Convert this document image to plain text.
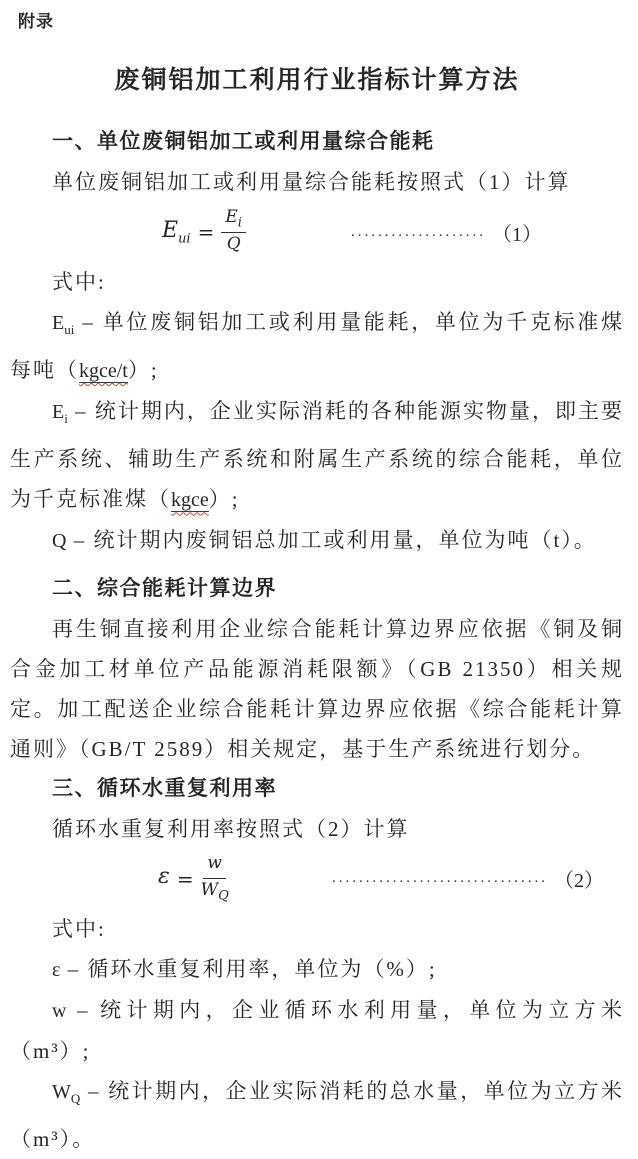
附录
废铜铝加工利用行业指标计算方法

一、单位废铜铝加工或利用量综合能耗

单位废铜铝加工或利用量综合能耗按照式（1）计算

$E_{ui} = \frac{E_i}{Q}$	.................... （1）

式中:

$E_{ui}$ – 单位废铜铝加工或利用量能耗，单位为千克标准煤每吨（kgce/t）;

$E_i$ – 统计期内，企业实际消耗的各种能源实物量，即主要生产系统、辅助生产系统和附属生产系统的综合能耗，单位为千克标准煤（kgce）;

Q – 统计期内废铜铝总加工或利用量，单位为吨（t）。

二、综合能耗计算边界

再生铜直接利用企业综合能耗计算边界应依据《铜及铜合金加工材单位产品能源消耗限额》（GB 21350）相关规定。加工配送企业综合能耗计算边界应依据《综合能耗计算通则》（GB/T 2589）相关规定，基于生产系统进行划分。

三、循环水重复利用率

循环水重复利用率按照式（2）计算

$\varepsilon = \frac{w}{W_Q}$	................................ （2）

式中:

ε – 循环水重复利用率，单位为（%）;

w – 统计期内，企业循环水利用量，单位为立方米（m³）;

$W_Q$ – 统计期内，企业实际消耗的总水量，单位为立方米（m³）。
